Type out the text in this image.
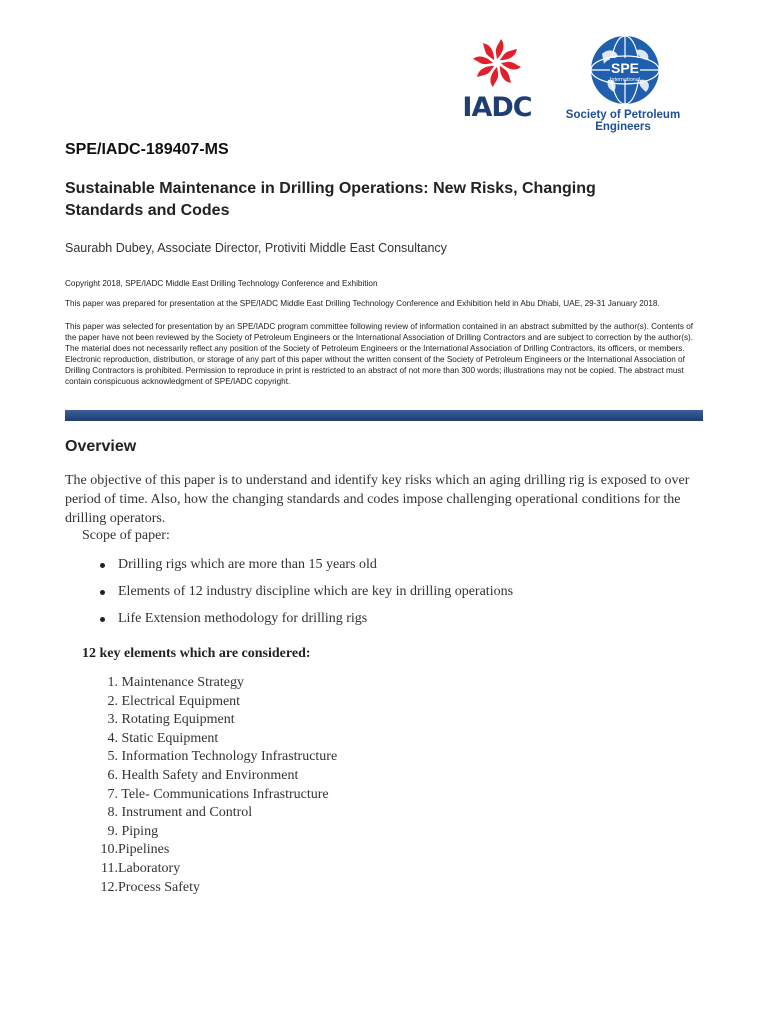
IADC
SPE
International
Society of Petroleum Engineers
SPE/IADC-189407-MS
Sustainable Maintenance in Drilling Operations: New Risks, Changing Standards and Codes
Saurabh Dubey, Associate Director, Protiviti Middle East Consultancy
Copyright 2018, SPE/IADC Middle East Drilling Technology Conference and Exhibition
This paper was prepared for presentation at the SPE/IADC Middle East Drilling Technology Conference and Exhibition held in Abu Dhabi, UAE, 29-31 January 2018.
This paper was selected for presentation by an SPE/IADC program committee following review of information contained in an abstract submitted by the author(s). Contents of the paper have not been reviewed by the Society of Petroleum Engineers or the International Association of Drilling Contractors and are subject to correction by the author(s). The material does not necessarily reflect any position of the Society of Petroleum Engineers or the International Association of Drilling Contractors, its officers, or members. Electronic reproduction, distribution, or storage of any part of this paper without the written consent of the Society of Petroleum Engineers or the International Association of Drilling Contractors is prohibited. Permission to reproduce in print is restricted to an abstract of not more than 300 words; illustrations may not be copied. The abstract must contain conspicuous acknowledgment of SPE/IADC copyright.
Overview
The objective of this paper is to understand and identify key risks which an aging drilling rig is exposed to over period of time. Also, how the changing standards and codes impose challenging operational conditions for the drilling operators.
Scope of paper:
Drilling rigs which are more than 15 years old
Elements of 12 industry discipline which are key in drilling operations
Life Extension methodology for drilling rigs
12 key elements which are considered:
1. Maintenance Strategy
2. Electrical Equipment
3. Rotating Equipment
4. Static Equipment
5. Information Technology Infrastructure
6. Health Safety and Environment
7. Tele- Communications Infrastructure
8. Instrument and Control
9. Piping
10.Pipelines
11.Laboratory
12.Process Safety
